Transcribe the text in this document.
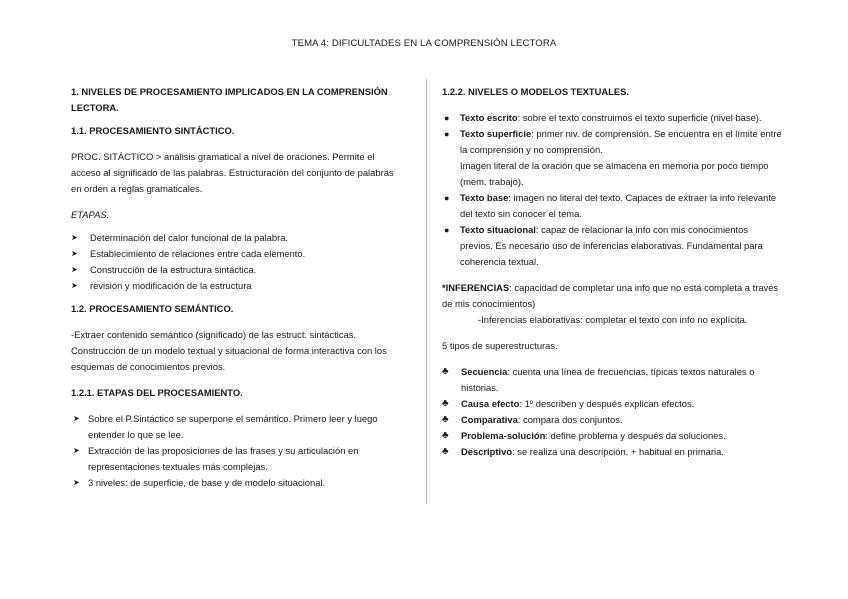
TEMA 4: DIFICULTADES EN LA COMPRENSIÓN LECTORA

1. NIVELES DE PROCESAMIENTO IMPLICADOS EN LA COMPRENSIÓN LECTORA.

1.1. PROCESAMIENTO SINTÁCTICO.

PROC. SITÁCTICO > análisis gramatical a nivel de oraciones. Permite el acceso al significado de las palabras. Estructuración del conjunto de palabras en orden a reglas gramaticales.

ETAPAS.

➤ Determinación del calor funcional de la palabra.
➤ Establecimiento de relaciones entre cada elemento.
➤ Construcción de la estructura sintáctica.
➤ revisión y modificación de la estructura

1.2. PROCESAMIENTO SEMÁNTICO.

-Extraer contenido semántico (significado) de las estruct. sintácticas. Construcción de un modelo textual y situacional de forma interactiva con los esquemas de conocimientos previos.

1.2.1. ETAPAS DEL PROCESAMIENTO.

➤ Sobre el P.Sintáctico se superpone el semántico. Primero leer y luego entender lo que se lee.
➤ Extracción de las proposiciones de las frases y su articulación en representaciones textuales más complejas.
➤ 3 niveles: de superficie, de base y de modelo situacional.

1.2.2. NIVELES O MODELOS TEXTUALES.

● Texto escrito: sobre el texto construimos el texto superficie (nivel base).
● Texto superficie: primer niv. de comprensión. Se encuentra en el límite entre la comprensión y no comprensión.
Imagen literal de la oración que se almacena en memoria por poco tiempo (mem. trabajo).
● Texto base: imagen no literal del texto. Capaces de extraer la info relevante del texto sin conocer el tema.
● Texto situacional: capaz de relacionar la info con mis conocimientos previos. Es necesario uso de inferencias elaborativas. Fundamental para coherencia textual.

*INFERENCIAS: capacidad de completar una info que no está completa a través de mis conocimientos)

-Inferencias elaborativas: completar el texto con info no explícita.

5 tipos de superestructuras.

♣ Secuencia: cuenta una línea de frecuencias, típicas textos naturales o historias.
♣ Causa efecto: 1º describen y después explican efectos.
♣ Comparativa: compara dos conjuntos.
♣ Problema-solución: define problema y después da soluciones.
♣ Descriptivo: se realiza una descripción. + habitual en primaria.
